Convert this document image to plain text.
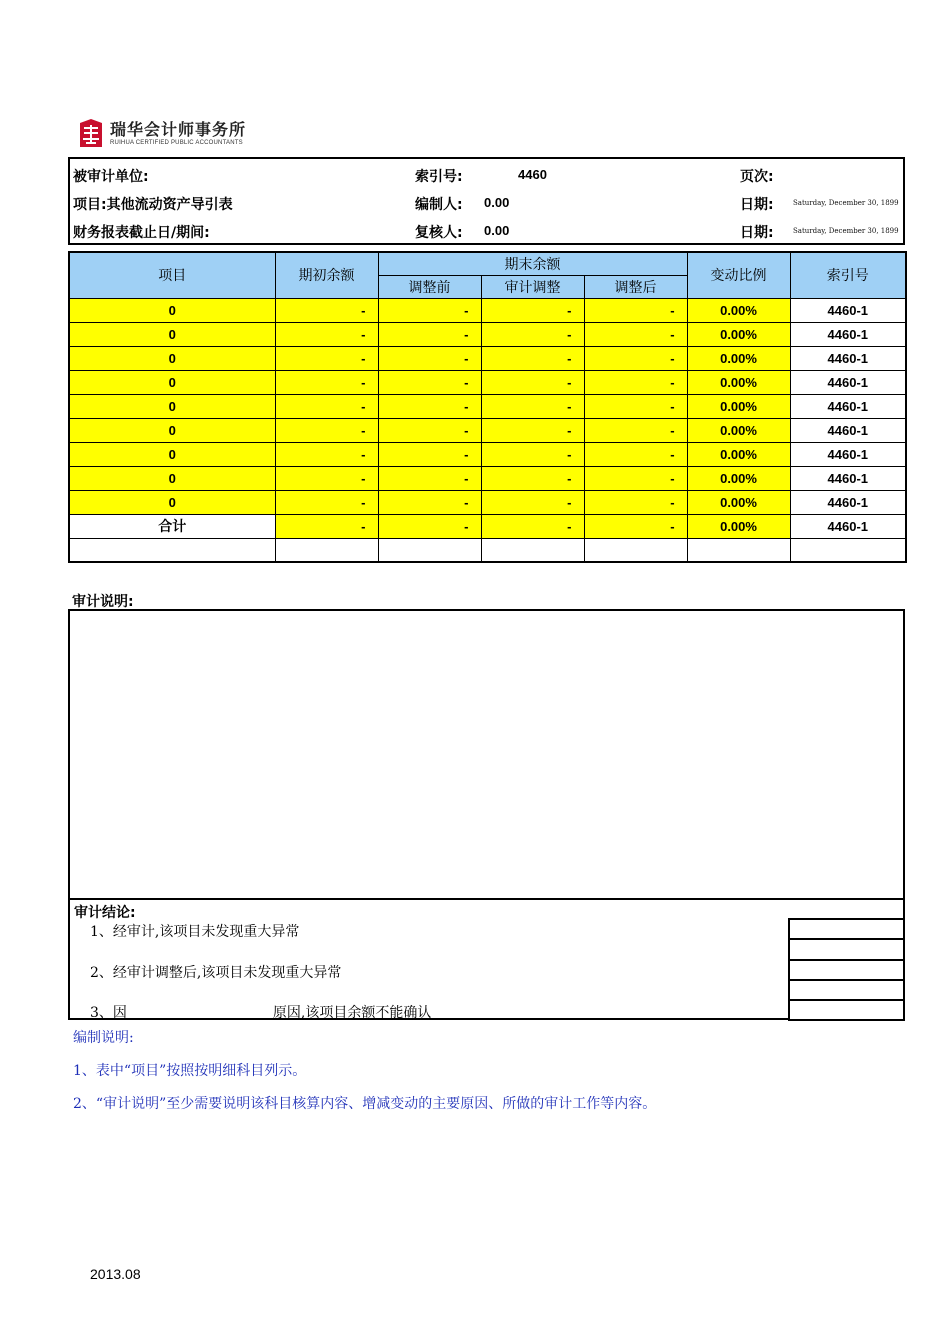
瑞华会计师事务所
RUIHUA CERTIFIED PUBLIC ACCOUNTANTS
被审计单位:	索引号:	4460	页次:
项目:其他流动资产导引表	编制人: 0.00	日期:	Saturday, December 30, 1899
财务报表截止日/期间:	复核人: 0.00	日期:	Saturday, December 30, 1899
项目	期初余额	期末余额			变动比例	索引号
		调整前	审计调整	调整后		
0	-	-	-	-	0.00%	4460-1
0	-	-	-	-	0.00%	4460-1
0	-	-	-	-	0.00%	4460-1
0	-	-	-	-	0.00%	4460-1
0	-	-	-	-	0.00%	4460-1
0	-	-	-	-	0.00%	4460-1
0	-	-	-	-	0.00%	4460-1
0	-	-	-	-	0.00%	4460-1
0	-	-	-	-	0.00%	4460-1
合计	-	-	-	-	0.00%	4460-1

审计说明:
审计结论:
1、经审计,该项目未发现重大异常
2、经审计调整后,该项目未发现重大异常
3、因	原因,该项目余额不能确认
编制说明:
1、表中“项目”按照按明细科目列示。
2、“审计说明”至少需要说明该科目核算内容、增减变动的主要原因、所做的审计工作等内容。
2013.08
